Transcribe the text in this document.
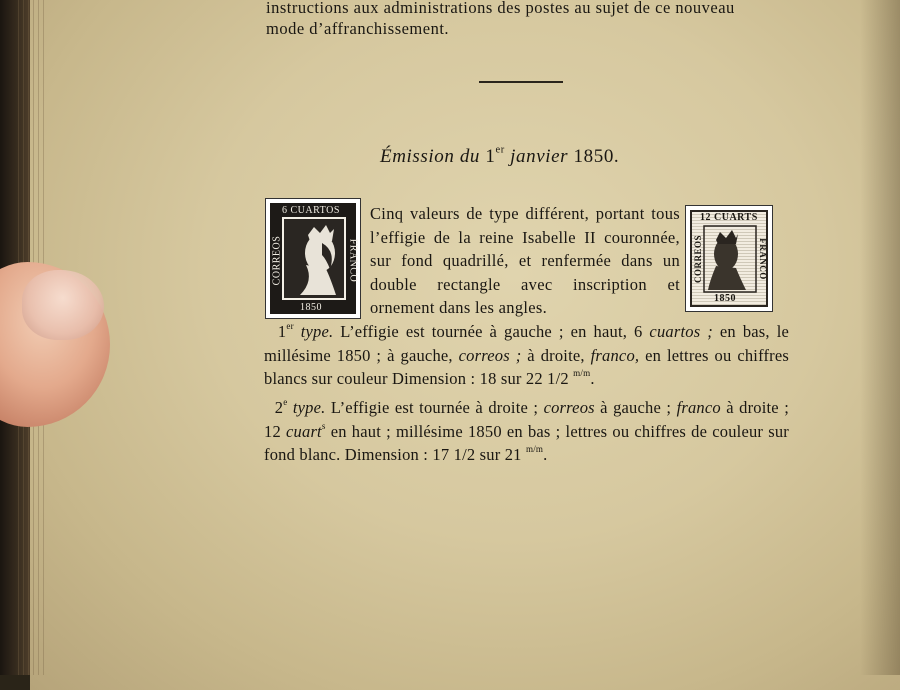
instructions aux administrations des postes au sujet de ce nouveau
mode d’affranchissement.
Émission du 1er janvier 1850.
6 CUARTOS
1850
CORREOS	FRANCO
12 CUARTS
1850
CORREOS	FRANCO
Cinq valeurs de type différent, portant tous l’effigie de la reine Isabelle II couronnée, sur fond quadrillé, et renfermée dans un double rectangle avec inscription et ornement dans les angles.
1er type. L’effigie est tournée à gauche ; en haut, 6 cuartos ; en bas, le millésime 1850 ; à gauche, correos ; à droite, franco, en lettres ou chiffres blancs sur couleur Dimension : 18 sur 22 1/2 $^{m/m}$.
2e type. L’effigie est tournée à droite ; correos à gauche ; franco à droite ; 12 cuart$^s$ en haut ; millésime 1850 en bas ; lettres ou chiffres de couleur sur fond blanc. Dimension : 17 1/2 sur 21 $^{m/m}$.
